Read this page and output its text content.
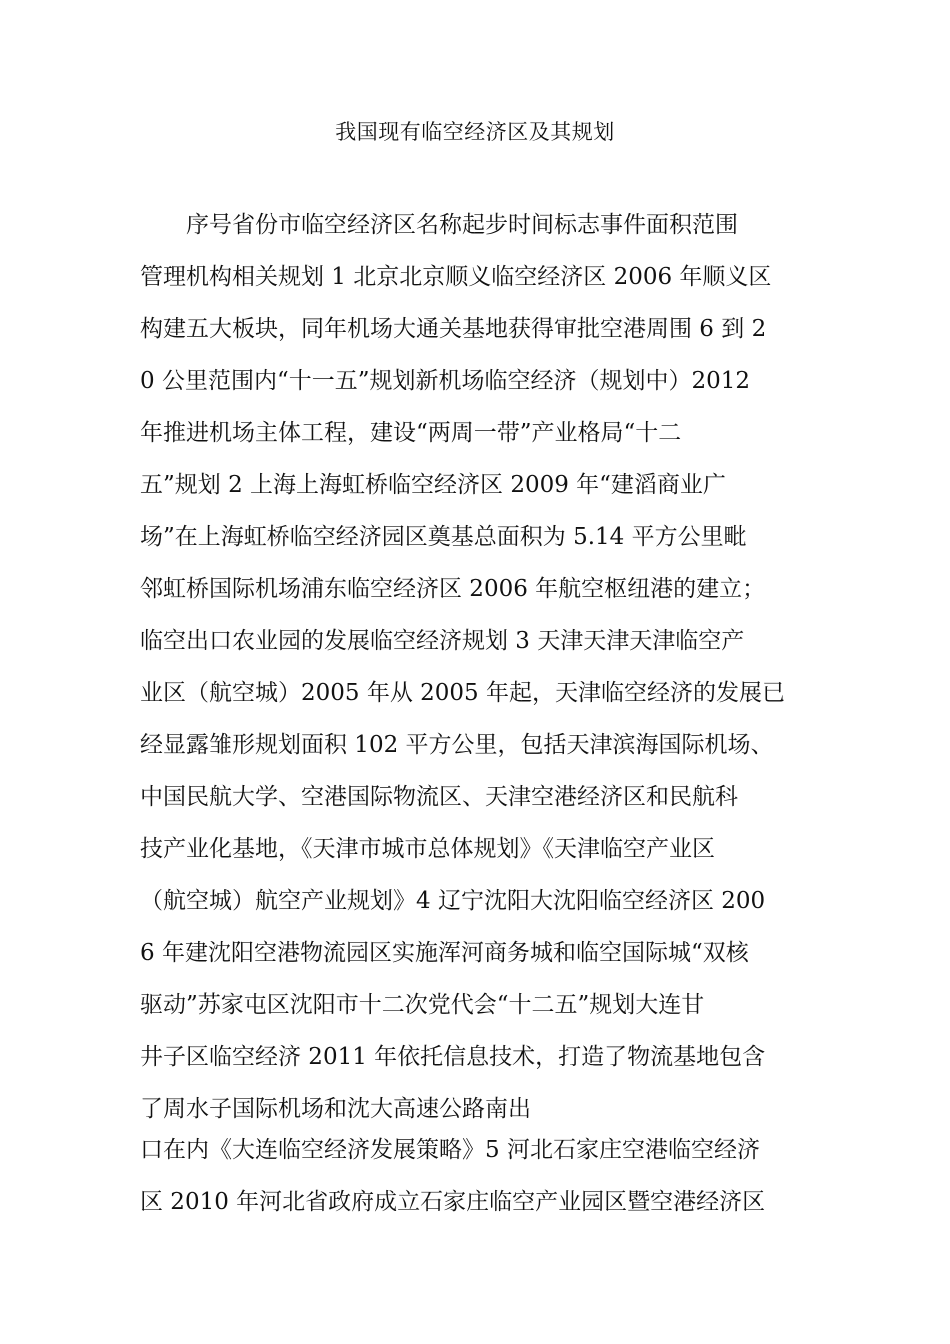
我国现有临空经济区及其规划
序号省份市临空经济区名称起步时间标志事件面积范围
管理机构相关规划 1 北京北京顺义临空经济区 2006 年顺义区
构建五大板块，同年机场大通关基地获得审批空港周围 6 到 2
0 公里范围内“十一五”规划新机场临空经济（规划中）2012
年推进机场主体工程，建设“两周一带”产业格局“十二
五”规划 2 上海上海虹桥临空经济区 2009 年“建滔商业广
场”在上海虹桥临空经济园区奠基总面积为 5.14 平方公里毗
邻虹桥国际机场浦东临空经济区 2006 年航空枢纽港的建立；
临空出口农业园的发展临空经济规划 3 天津天津天津临空产
业区（航空城）2005 年从 2005 年起，天津临空经济的发展已
经显露雏形规划面积 102 平方公里，包括天津滨海国际机场、
中国民航大学、空港国际物流区、天津空港经济区和民航科
技产业化基地，《天津市城市总体规划》《天津临空产业区
（航空城）航空产业规划》4 辽宁沈阳大沈阳临空经济区 200
6 年建沈阳空港物流园区实施浑河商务城和临空国际城“双核
驱动”苏家屯区沈阳市十二次党代会“十二五”规划大连甘
井子区临空经济 2011 年依托信息技术，打造了物流基地包含
了周水子国际机场和沈大高速公路南出
口在内《大连临空经济发展策略》5 河北石家庄空港临空经济
区 2010 年河北省政府成立石家庄临空产业园区暨空港经济区
